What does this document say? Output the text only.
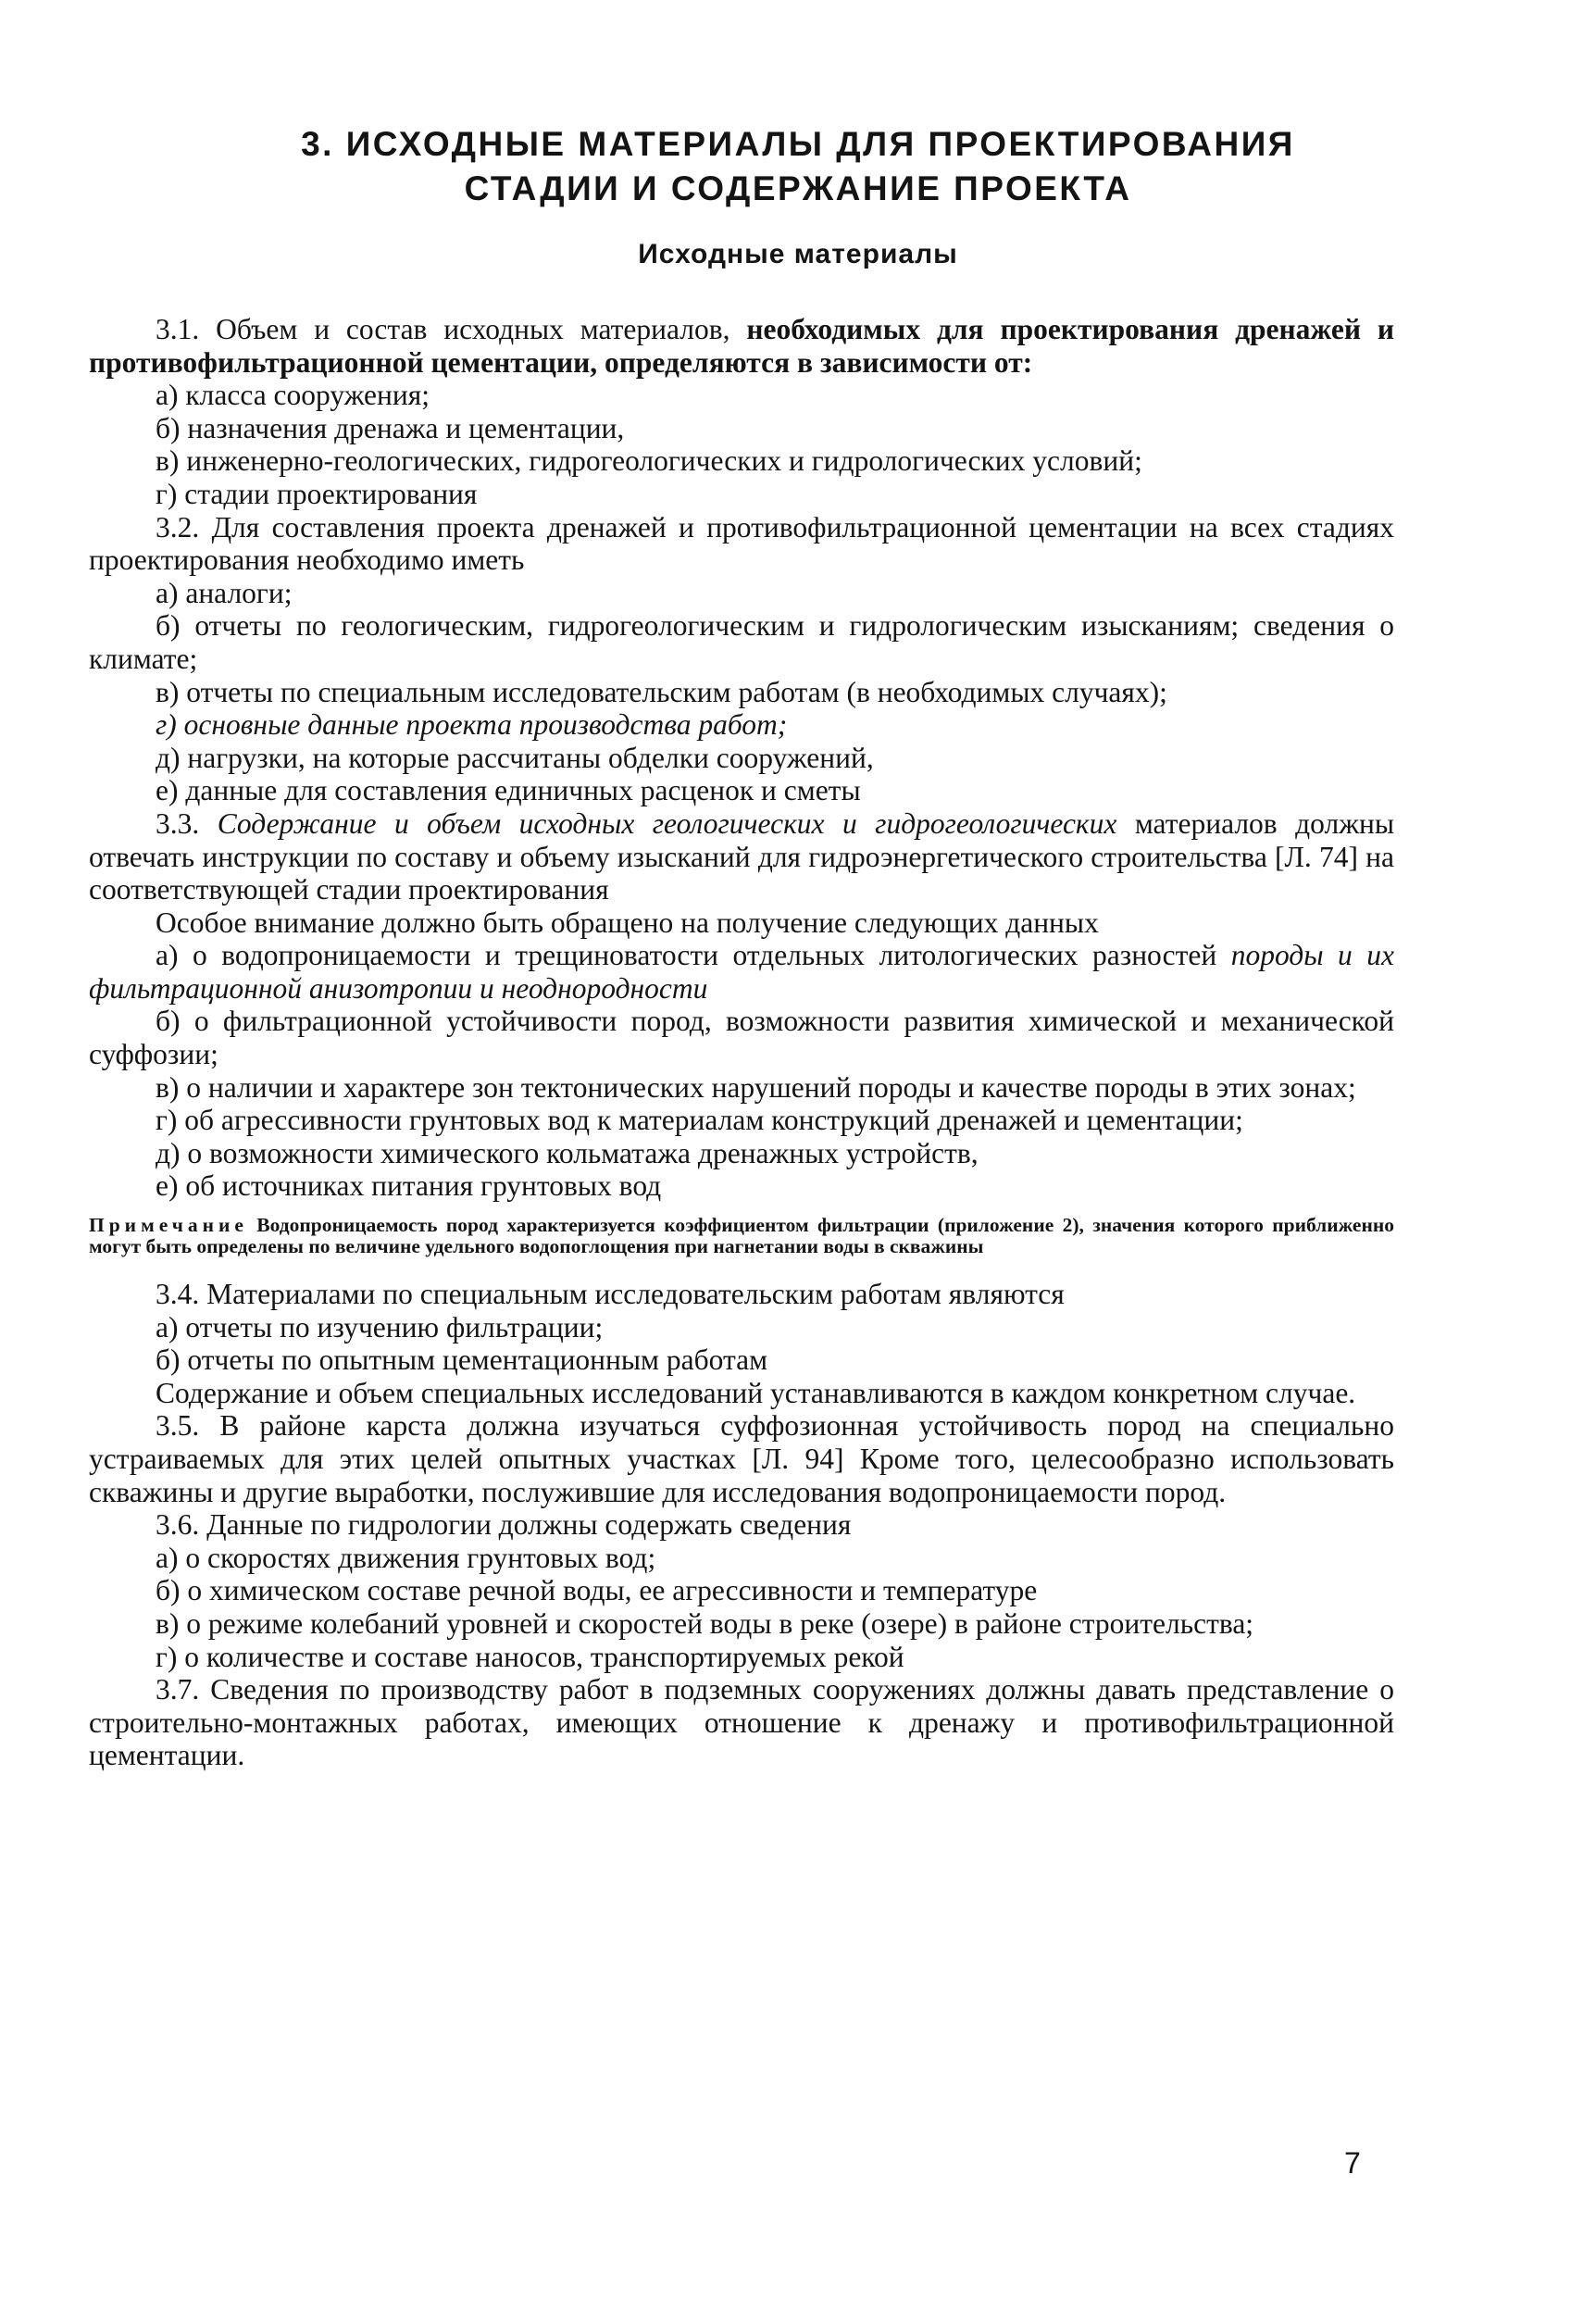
3. ИСХОДНЫЕ МАТЕРИАЛЫ ДЛЯ ПРОЕКТИРОВАНИЯ
СТАДИИ И СОДЕРЖАНИЕ ПРОЕКТА
Исходные материалы

3.1. Объем и состав исходных материалов, необходимых для проектирования дренажей и противофильтрационной цементации, определяются в зависимости от:

а) класса сооружения;

б) назначения дренажа и цементации,

в) инженерно-геологических, гидрогеологических и гидрологических условий;

г) стадии проектирования

3.2. Для составления проекта дренажей и противофильтрационной цементации на всех стадиях проектирования необходимо иметь

а) аналоги;

б) отчеты по геологическим, гидрогеологическим и гидрологическим изысканиям; сведения о климате;

в) отчеты по специальным исследовательским работам (в необходимых случаях);

г) основные данные проекта производства работ;

д) нагрузки, на которые рассчитаны обделки сооружений,

е) данные для составления единичных расценок и сметы

3.3. Содержание и объем исходных геологических и гидрогеологических материалов должны отвечать инструкции по составу и объему изысканий для гидроэнергетического строительства [Л. 74] на соответствующей стадии проектирования

Особое внимание должно быть обращено на получение следующих данных

а) о водопроницаемости и трещиноватости отдельных литологических разностей породы и их фильтрационной анизотропии и неоднородности

б) о фильтрационной устойчивости пород, возможности развития химической и механической суффозии;

в) о наличии и характере зон тектонических нарушений породы и качестве породы в этих зонах;

г) об агрессивности грунтовых вод к материалам конструкций дренажей и цементации;

д) о возможности химического кольматажа дренажных устройств,

е) об источниках питания грунтовых вод

Примечание Водопроницаемость пород характеризуется коэффициентом фильтрации (приложение 2), значения которого приближенно могут быть определены по величине удельного водопоглощения при нагнетании воды в скважины

3.4. Материалами по специальным исследовательским работам являются

а) отчеты по изучению фильтрации;

б) отчеты по опытным цементационным работам

Содержание и объем специальных исследований устанавливаются в каждом конкретном случае.

3.5. В районе карста должна изучаться суффозионная устойчивость пород на специально устраиваемых для этих целей опытных участках [Л. 94] Кроме того, целесообразно использовать скважины и другие выработки, послужившие для исследования водопроницаемости пород.

3.6. Данные по гидрологии должны содержать сведения

а) о скоростях движения грунтовых вод;

б) о химическом составе речной воды, ее агрессивности и температуре

в) о режиме колебаний уровней и скоростей воды в реке (озере) в районе строительства;

г) о количестве и составе наносов, транспортируемых рекой

3.7. Сведения по производству работ в подземных сооружениях должны давать представление о строительно-монтажных работах, имеющих отношение к дренажу и противофильтрационной цементации.

7
